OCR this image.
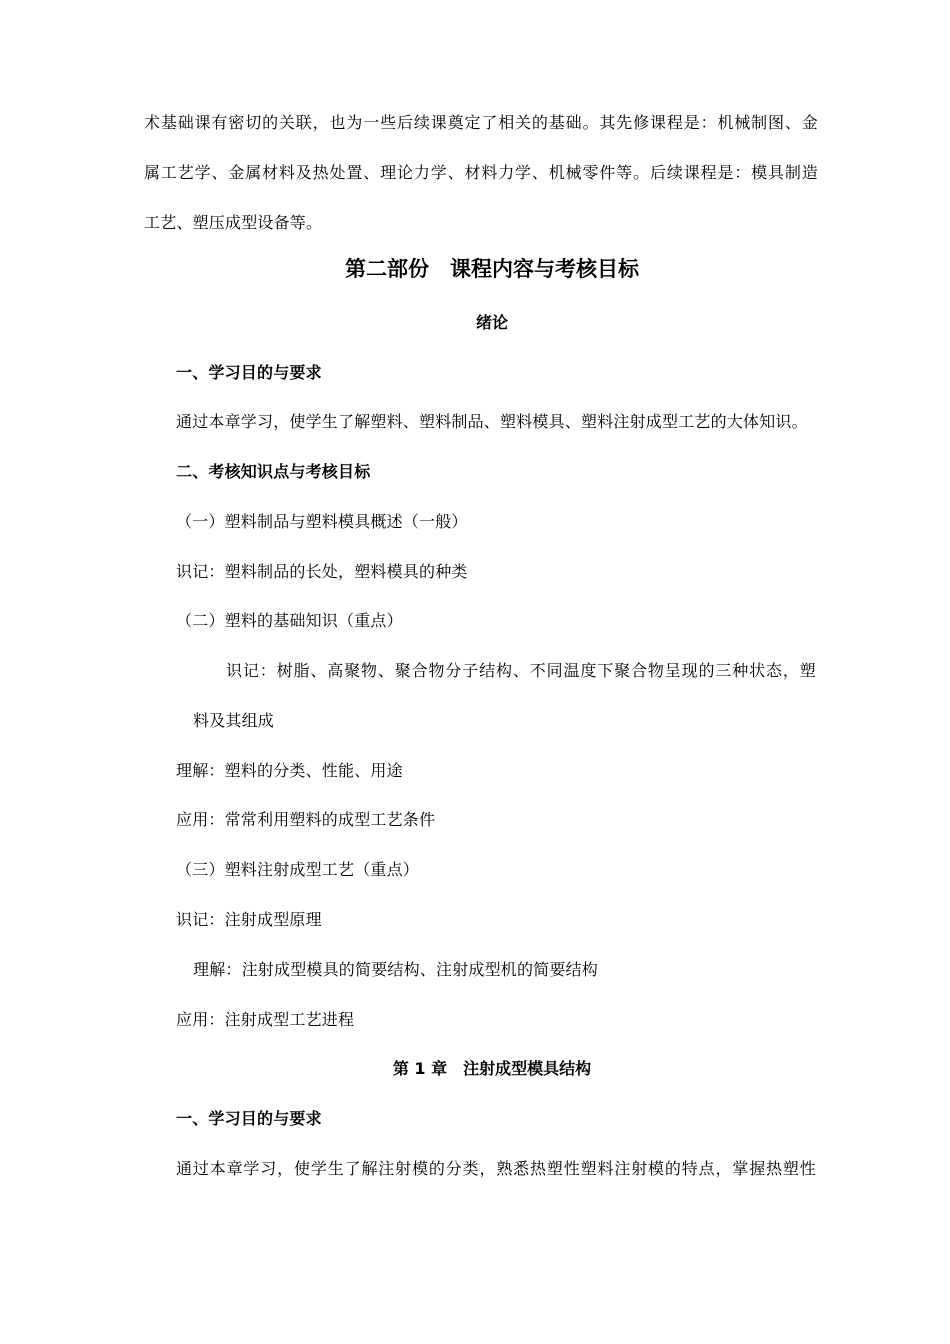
术基础课有密切的关联，也为一些后续课奠定了相关的基础。其先修课程是：机械制图、金
属工艺学、金属材料及热处置、理论力学、材料力学、机械零件等。后续课程是：模具制造
工艺、塑压成型设备等。
第二部份　课程内容与考核目标
绪论
一、学习目的与要求
通过本章学习，使学生了解塑料、塑料制品、塑料模具、塑料注射成型工艺的大体知识。
二、考核知识点与考核目标
（一）塑料制品与塑料模具概述（一般）
识记：塑料制品的长处，塑料模具的种类
（二）塑料的基础知识（重点）
识记：树脂、高聚物、聚合物分子结构、不同温度下聚合物呈现的三种状态，塑
料及其组成
理解：塑料的分类、性能、用途
应用：常常利用塑料的成型工艺条件
（三）塑料注射成型工艺（重点）
识记：注射成型原理
理解：注射成型模具的简要结构、注射成型机的简要结构
应用：注射成型工艺进程
第 1 章　注射成型模具结构
一、学习目的与要求
通过本章学习，使学生了解注射模的分类，熟悉热塑性塑料注射模的特点，掌握热塑性
